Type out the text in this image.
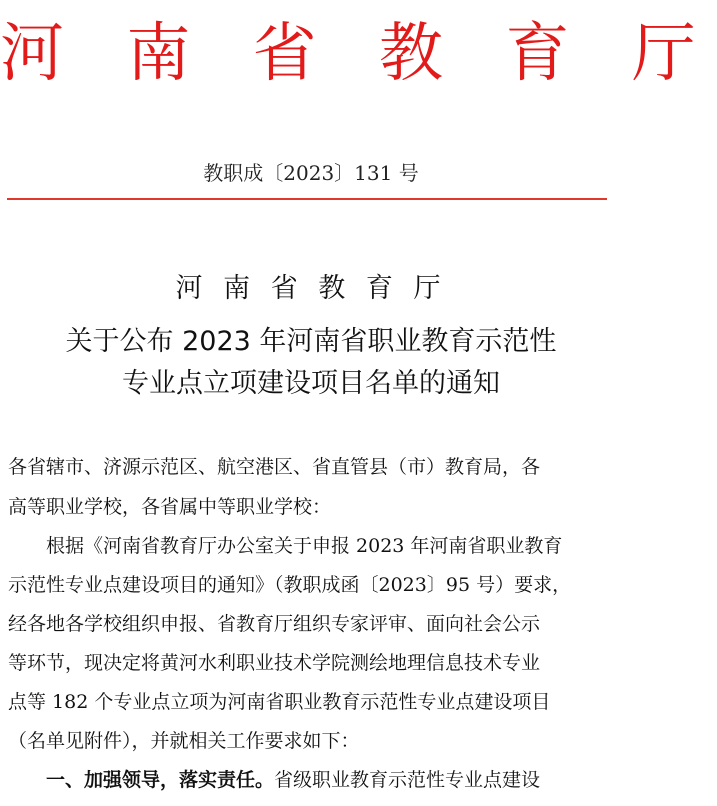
河 南 省 教 育 厅
教职成〔2023〕131 号
河 南 省 教 育 厅
关于公布 2023 年河南省职业教育示范性
专业点立项建设项目名单的通知
各省辖市、济源示范区、航空港区、省直管县（市）教育局，各
高等职业学校，各省属中等职业学校：
　　根据《河南省教育厅办公室关于申报 2023 年河南省职业教育
示范性专业点建设项目的通知》（教职成函〔2023〕95 号）要求，
经各地各学校组织申报、省教育厅组织专家评审、面向社会公示
等环节，现决定将黄河水利职业技术学院测绘地理信息技术专业
点等 182 个专业点立项为河南省职业教育示范性专业点建设项目
（名单见附件），并就相关工作要求如下：
　　一、加强领导，落实责任。省级职业教育示范性专业点建设
